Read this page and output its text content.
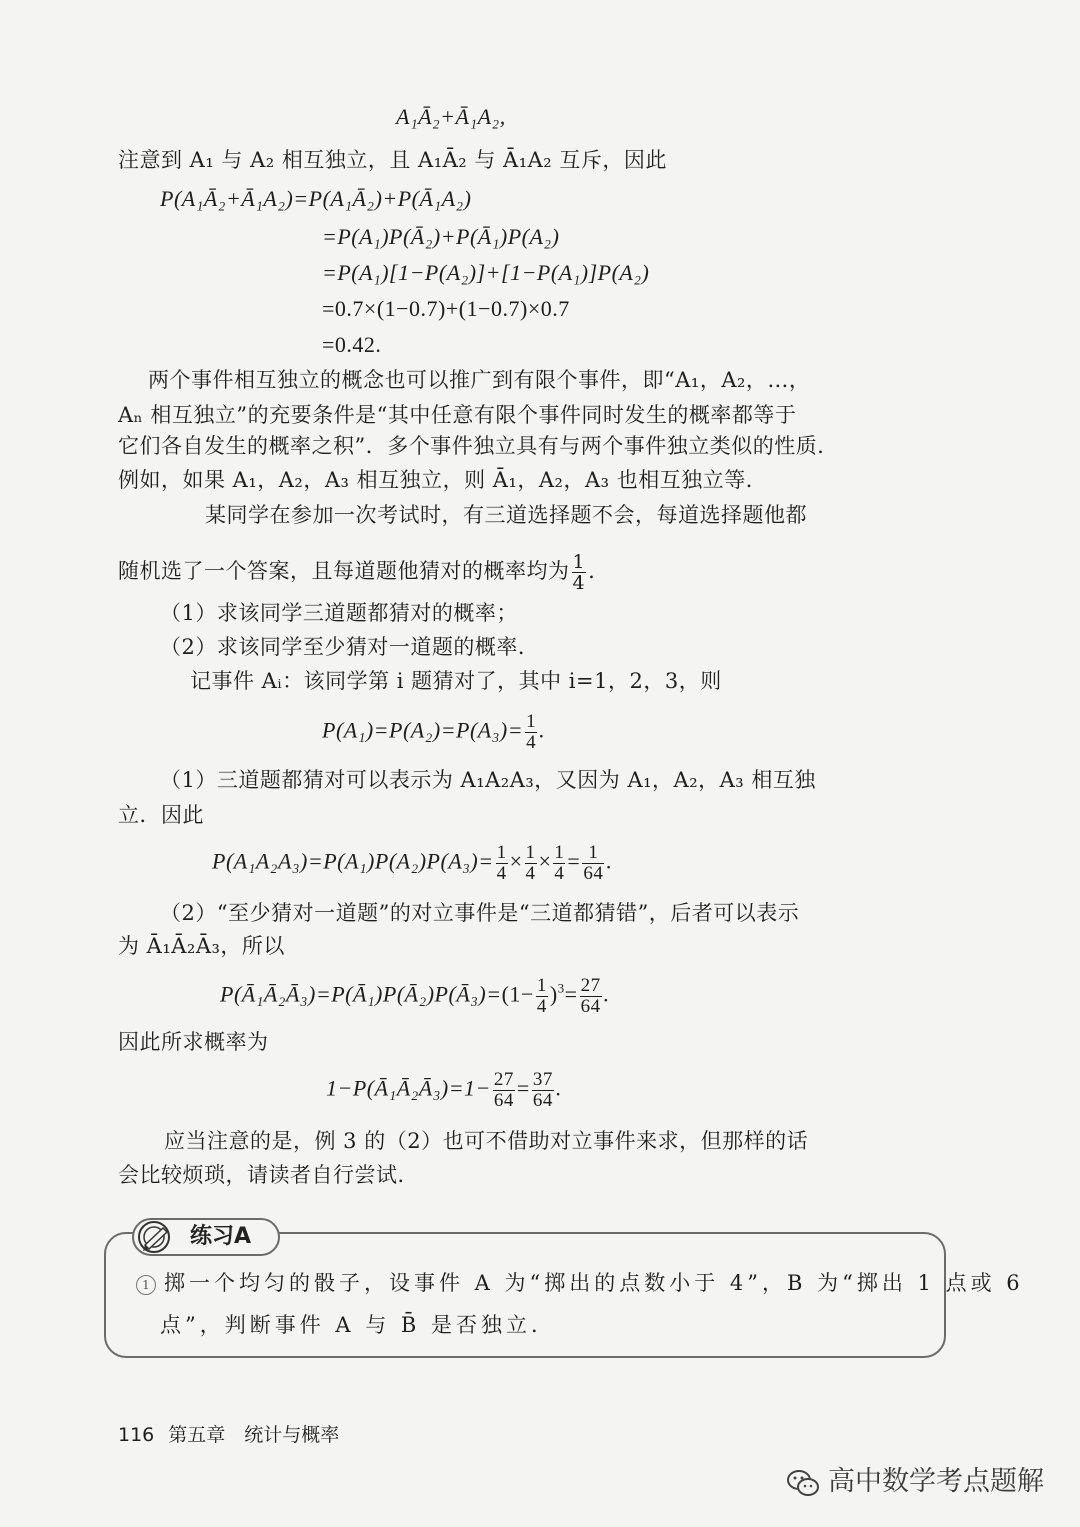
A₁Ā₂+Ā₁A₂,
注意到 A₁ 与 A₂ 相互独立，且 A₁Ā₂ 与 Ā₁A₂ 互斥，因此
P(A₁Ā₂+Ā₁A₂)=P(A₁Ā₂)+P(Ā₁A₂)
=P(A₁)P(Ā₂)+P(Ā₁)P(A₂)
=P(A₁)[1−P(A₂)]+[1−P(A₁)]P(A₂)
=0.7×(1−0.7)+(1−0.7)×0.7
=0.42.
两个事件相互独立的概念也可以推广到有限个事件，即“A₁，A₂，…，
Aₙ 相互独立”的充要条件是“其中任意有限个事件同时发生的概率都等于
它们各自发生的概率之积”．多个事件独立具有与两个事件独立类似的性质．
例如，如果 A₁，A₂，A₃ 相互独立，则 Ā₁，A₂，A₃ 也相互独立等．
某同学在参加一次考试时，有三道选择题不会，每道选择题他都
随机选了一个答案，且每道题他猜对的概率均为 $\frac{1}{4}$ .
（1）求该同学三道题都猜对的概率；
（2）求该同学至少猜对一道题的概率．
记事件 Aᵢ：该同学第 i 题猜对了，其中 i=1，2，3，则
$P(A_1)=P(A_2)=P(A_3)= \frac{1}{4}$ .
（1）三道题都猜对可以表示为 A₁A₂A₃，又因为 A₁，A₂，A₃ 相互独
立．因此
$P(A_1A_2A_3)=P(A_1)P(A_2)P(A_3)= \frac{1}{4} \times \frac{1}{4} \times \frac{1}{4} = \frac{1}{64}$ .
（2）“至少猜对一道题”的对立事件是“三道都猜错”，后者可以表示
为 Ā₁Ā₂Ā₃，所以
P(Ā₁Ā₂Ā₃)=P(Ā₁)P(Ā₂)P(Ā₃)=(1− $\frac{1}{4} )^3= \frac{27}{64}$ .
因此所求概率为
1−P(Ā₁Ā₂Ā₃)=1− $\frac{27}{64} = \frac{37}{64}$ .
应当注意的是，例 3 的（2）也可不借助对立事件来求，但那样的话
会比较烦琐，请读者自行尝试．
练习A
1 掷一个均匀的骰子，设事件 A 为“掷出的点数小于 4”，B 为“掷出 1 点或 6
点”，判断事件 A 与 B̄ 是否独立．
116 第五章　统计与概率
高中数学考点题解
